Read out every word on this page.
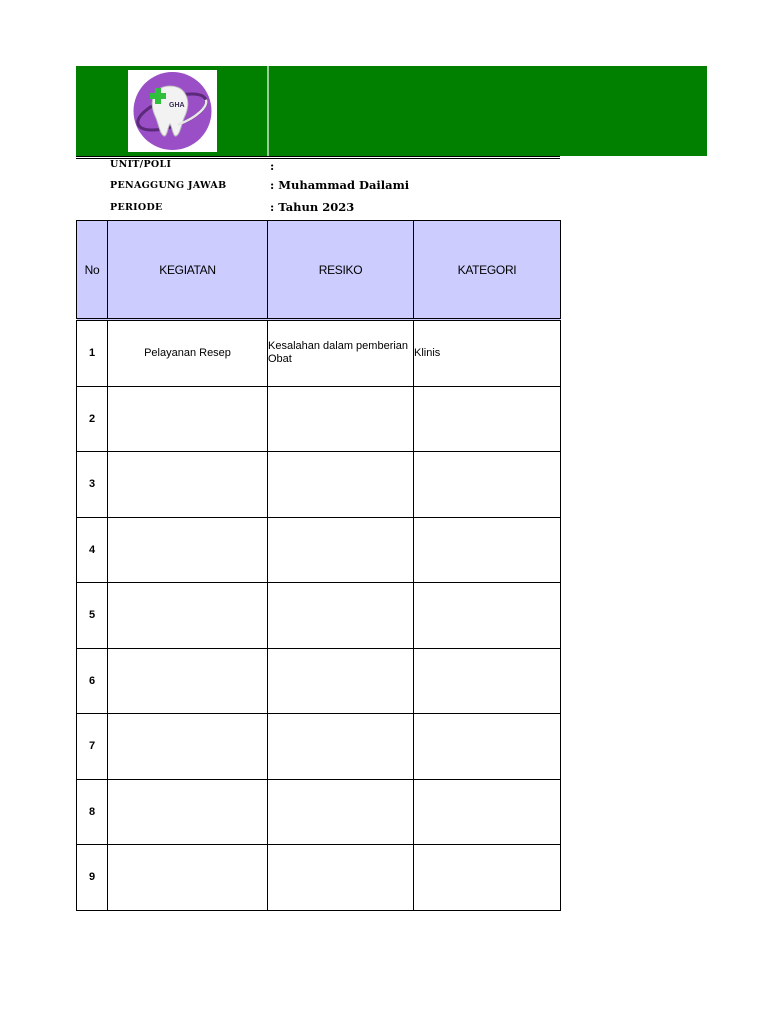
GHA
UNIT/POLI	:
PENAGGUNG JAWAB	: Muhammad Dailami
PERIODE	: Tahun 2023
No	KEGIATAN	RESIKO	KATEGORI
1	Pelayanan Resep	Kesalahan dalam pemberian Obat	Klinis
2			
3			
4			
5			
6			
7			
8			
9			
